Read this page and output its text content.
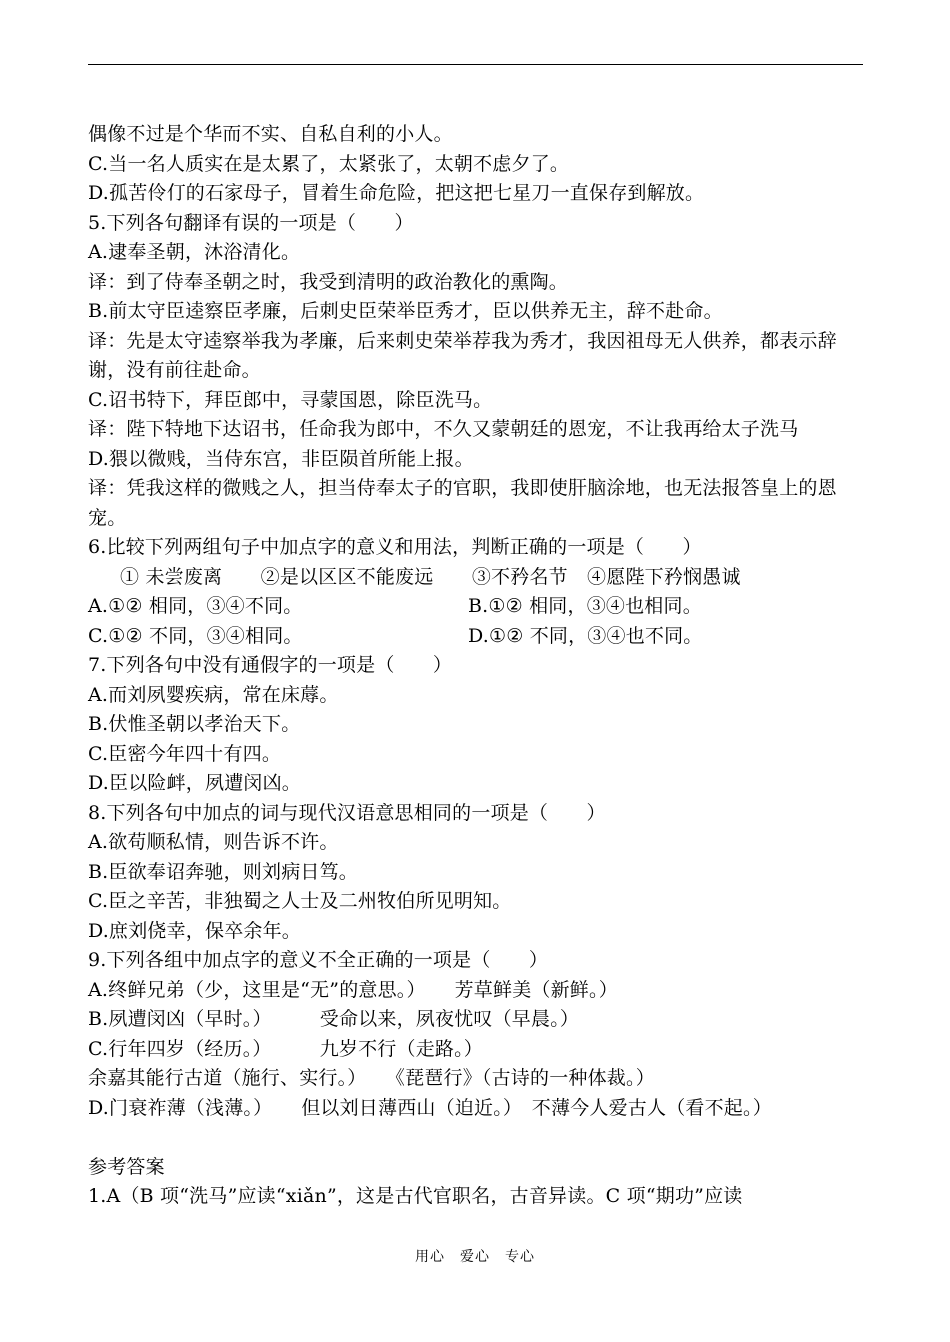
偶像不过是个华而不实、自私自利的小人。
C.当一名人质实在是太累了，太紧张了，太朝不虑夕了。
D.孤苦伶仃的石家母子，冒着生命危险，把这把七星刀一直保存到解放。
5.下列各句翻译有误的一项是（　　）
A.逮奉圣朝，沐浴清化。
译：到了侍奉圣朝之时，我受到清明的政治教化的熏陶。
B.前太守臣逵察臣孝廉，后刺史臣荣举臣秀才，臣以供养无主，辞不赴命。
译：先是太守逵察举我为孝廉，后来刺史荣举荐我为秀才，我因祖母无人供养，都表示辞谢，没有前往赴命。
C.诏书特下，拜臣郎中，寻蒙国恩，除臣洗马。
译：陛下特地下达诏书，任命我为郎中，不久又蒙朝廷的恩宠，不让我再给太子洗马
D.猥以微贱，当侍东宫，非臣陨首所能上报。
译：凭我这样的微贱之人，担当侍奉太子的官职，我即使肝脑涂地，也无法报答皇上的恩宠。
6.比较下列两组句子中加点字的意义和用法，判断正确的一项是（　　）
① 未尝废离　　②是以区区不能废远　　③不矜名节　④愿陛下矜悯愚诚
A.①② 相同，③④不同。	B.①② 相同，③④也相同。
C.①② 不同，③④相同。	D.①② 不同，③④也不同。
7.下列各句中没有通假字的一项是（　　）
A.而刘夙婴疾病，常在床蓐。
B.伏惟圣朝以孝治天下。
C.臣密今年四十有四。
D.臣以险衅，夙遭闵凶。
8.下列各句中加点的词与现代汉语意思相同的一项是（　　）
A.欲苟顺私情，则告诉不许。
B.臣欲奉诏奔驰，则刘病日笃。
C.臣之辛苦，非独蜀之人士及二州牧伯所见明知。
D.庶刘侥幸，保卒余年。
9.下列各组中加点字的意义不全正确的一项是（　　）
A.终鲜兄弟（少，这里是“无”的意思。）　　芳草鲜美（新鲜。）
B.夙遭闵凶（早时。）　　　受命以来，夙夜忧叹（早晨。）
C.行年四岁（经历。）　　　九岁不行（走路。）
余嘉其能行古道（施行、实行。）　　《琵琶行》（古诗的一种体裁。）
D.门衰祚薄（浅薄。）　　但以刘日薄西山（迫近。）　不薄今人爱古人（看不起。）
参考答案
1.A（B 项“洗马”应读“xiǎn”，这是古代官职名，古音异读。C 项“期功”应读
用心　爱心　专心
